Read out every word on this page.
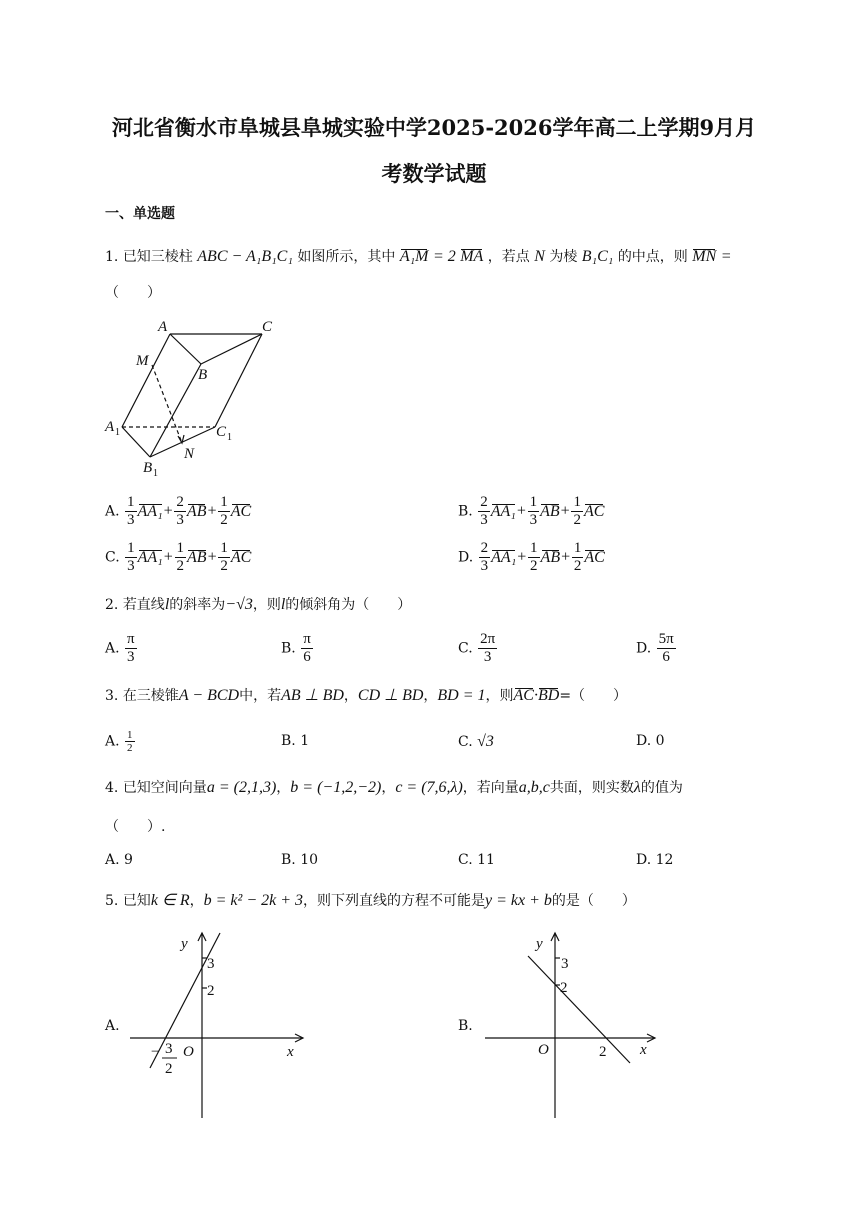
河北省衡水市阜城县阜城实验中学2025-2026学年高二上学期9月月
考数学试题
一、单选题
1. 已知三棱柱 ABC − A₁B₁C₁ 如图所示，其中 A₁M = 2 MA ，若点 N 为棱 B₁C₁ 的中点，则 MN =
（　　）
A	C
M
B
A 1	C 1
N
B 1
A. $\frac{1}{3} AA_1+ \frac{2}{3} AB+ \frac{1}{2}$ AC	B. $\frac{2}{3} AA_1+ \frac{1}{3} AB+ \frac{1}{2}$ AC
C. $\frac{1}{3} AA_1+ \frac{1}{2} AB+ \frac{1}{2}$ AC	D. $\frac{2}{3} AA_1+ \frac{1}{2} AB+ \frac{1}{2}$ AC
2. 若直线l的斜率为−√3，则l的倾斜角为（　　）
A. $\frac{\pi}{3}$	B. $\frac{\pi}{6}$	C. $\frac{2\pi}{3}$	D. $\frac{5\pi}{6}$
3. 在三棱锥A − BCD中，若AB ⊥ BD，CD ⊥ BD，BD = 1，则AC·BD=（　　）
A. $\frac{1}{2}$	B. 1	C. √3	D. 0
4. 已知空间向量a = (2,1,3)，b = (−1,2,−2)，c = (7,6,λ)，若向量a,b,c共面，则实数λ的值为
（　　）.
A. 9	B. 10	C. 11	D. 12
5. 已知k ∈ R，b = k² − 2k + 3，则下列直线的方程不可能是y = kx + b的是（　　）
A.
y
x
O
3
2
− 3
2
B.
y
x
O
3
2
2
